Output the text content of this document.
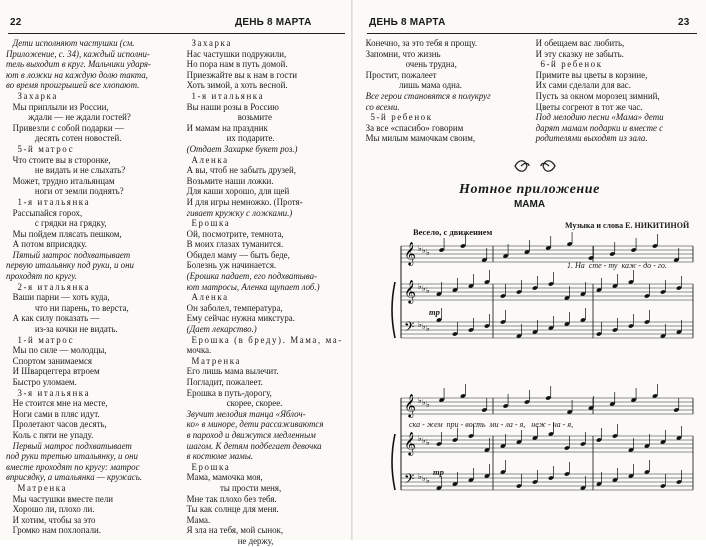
22	ДЕНЬ 8 МАРТА
Дети исполняют частушки (см.
Приложение, с. 34), каждый исполни-
тель выходит в круг. Мальчики ударя-
ют в ложки на каждую долю такта,
во время проигрышей все хлопают.
Захарка
Мы приплыли из России,
ждали — не ждали гостей?
Привезли с собой подарки —
десять сотен новостей.
5-й матрос
Что стоите вы в сторонке,
не видать и не слыхать?
Может, трудно итальянцам
ноги от земли поднять?
1-я итальянка
Рассыпайся горох,
с грядки на грядку,
Мы пойдем плясать пешком,
А потом вприсядку.
Пятый матрос подхватывает
первую итальянку под руки, и они
проходят по кругу.
2-я итальянка
Ваши парни — хоть куда,
что ни парень, то верста,
А как силу показать —
из-за кочки не видать.
1-й матрос
Мы по силе — молодцы,
Спортом занимаемся
И Шварцеггера втроем
Быстро уломаем.
3-я итальянка
Не стоится мне на месте,
Ноги сами в пляс идут.
Пролетают часов десять,
Коль с пяти не упаду.
Первый матрос подхватывает
под руки третью итальянку, и они
вместе проходят по кругу: матрос
вприсядку, а итальянка — кружась.
Матренка
Мы частушки вместе пели
Хорошо ли, плохо ли.
И хотим, чтобы за это
Громко нам похлопали.
Захарка
Нас частушки подружили,
Но пора нам в путь домой.
Приезжайте вы к нам в гости
Хоть зимой, а хоть весной.
1-я итальянка
Вы наши розы в Россию
возьмите
И мамам на праздник
их подарите.
(Отдает Захарке букет роз.)
Аленка
А вы, чтоб не забыть друзей,
Возьмите наши ложки.
Для каши хорошо, для щей
И для игры немножко. (Протя-
гивает кружку с ложками.)
Ерошка
Ой, посмотрите, темнота,
В моих глазах туманится.
Обидел маму — быть беде,
Болезнь уж начинается.
(Ерошка падает, его подхватыва-
ют матросы, Аленка щупает лоб.)
Аленка
Он заболел, температура,
Ему сейчас нужна микстура.
(Дает лекарство.)
Ерошка (в бреду). Мама, ма-
мочка.
Матренка
Его лишь мама вылечит.
Погладит, пожалеет.
Ерошка в путь-дорогу,
скорее, скорее.
Звучит мелодия танца «Яблоч-
ко» в миноре, дети рассаживаются
в пароход и движутся медленным
шагом. К детям подбегает девочка
в костюме мамы.
Ерошка
Мама, мамочка моя,
ты прости меня,
Мне так плохо без тебя.
Ты как солнце для меня.
Мама.
Я зла на тебя, мой сынок,
не держу,
ДЕНЬ 8 МАРТА	23
Конечно, за это тебя я прощу.
Запомни, что жизнь
очень трудна,
Простит, пожалеет
лишь мама одна.
Все герои становятся в полукруг
со всеми.
5-й ребенок
За все «спасибо» говорим
Мы милым мамочкам своим,
И обещаем вас любить,
И эту сказку не забыть.
6-й ребенок
Примите вы цветы в корзине,
Их сами сделали для вас.
Пусть за окном морозец зимний,
Цветы согреют в тот же час.
Под мелодию песни «Мама» дети
дарят мамам подарки и вместе с
родителями выходят из зала.
Нотное приложение
МАМА
Весело, с движением
Музыка и слова Е. НИКИТИНОЙ
𝄞
𝄞
𝄢
♭ ♭ ♭
♭ ♭ ♭
♭ ♭ ♭
𝄞
𝄞
𝄢
♭ ♭ ♭
♭ ♭ ♭
♭ ♭ ♭
1. На  сте - ту  каж - до - го.
mp
ска - жем  при - вость  ми - ла - я,   неж - на - я,
mp
